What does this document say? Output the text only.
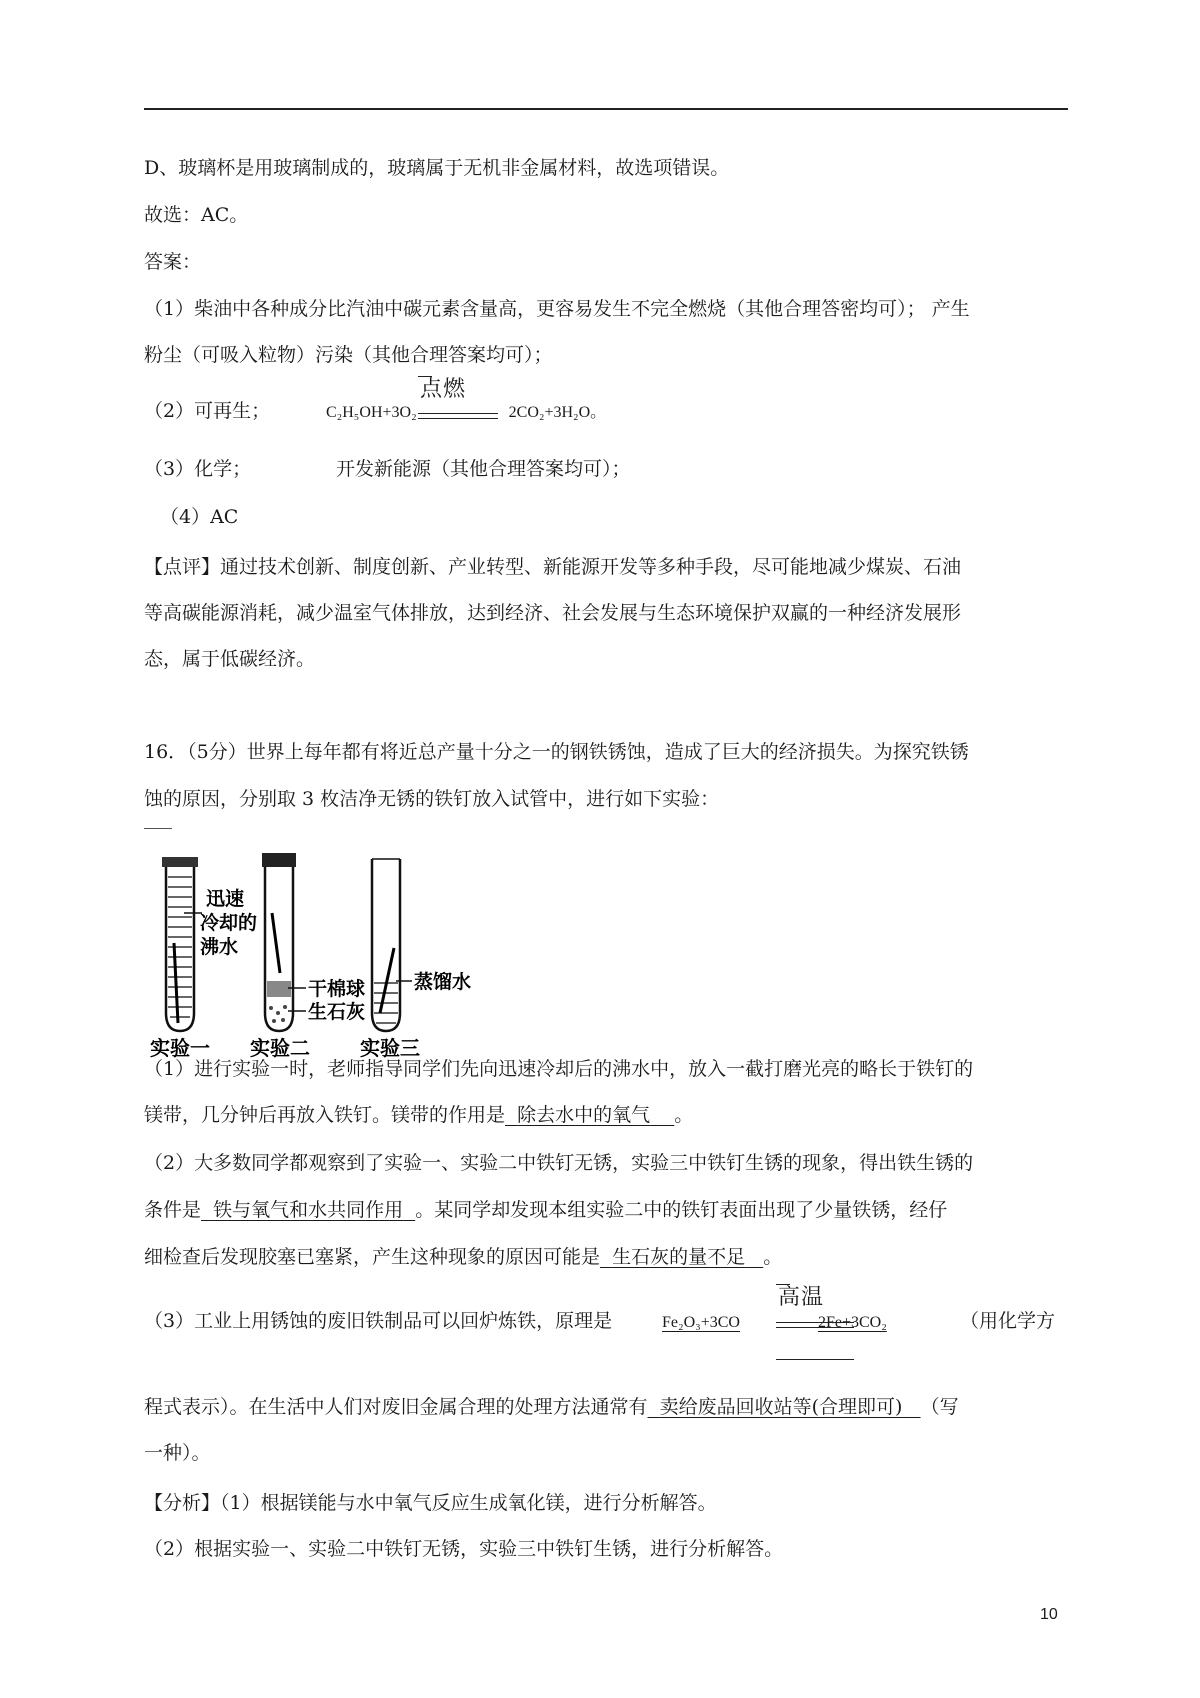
D、玻璃杯是用玻璃制成的，玻璃属于无机非金属材料，故选项错误。
故选：AC。
答案：
（1）柴油中各种成分比汽油中碳元素含量高，更容易发生不完全燃烧（其他合理答密均可）； 产生
粉尘（可吸入粒物）污染（其他合理答案均可）；
（2）可再生；	C₂H₅OH+3O₂	2CO₂+3H₂O。
点燃
（3）化学；	开发新能源（其他合理答案均可）；
（4）AC
【点评】通过技术创新、制度创新、产业转型、新能源开发等多种手段，尽可能地减少煤炭、石油
等高碳能源消耗，减少温室气体排放，达到经济、社会发展与生态环境保护双赢的一种经济发展形
态，属于低碳经济。
16．（5分）世界上每年都有将近总产量十分之一的钢铁锈蚀，造成了巨大的经济损失。为探究铁锈
蚀的原因，分别取 3 枚洁净无锈的铁钉放入试管中，进行如下实验：
迅速
冷却的
沸水
干棉球
生石灰
蒸馏水
实验一 实验二	实验三
（1）进行实验一时，老师指导同学们先向迅速冷却后的沸水中，放入一截打磨光亮的略长于铁钉的
镁带，几分钟后再放入铁钉。镁带的作用是 除去水中的氧气 。
（2）大多数同学都观察到了实验一、实验二中铁钉无锈，实验三中铁钉生锈的现象，得出铁生锈的
条件是 铁与氧气和水共同作用 。某同学却发现本组实验二中的铁钉表面出现了少量铁锈，经仔
细检查后发现胶塞已塞紧，产生这种现象的原因可能是 生石灰的量不足 。
（3）工业上用锈蚀的废旧铁制品可以回炉炼铁，原理是	Fe₂O₃+3CO	2Fe+3CO₂
高温
（用化学方
程式表示）。在生活中人们对废旧金属合理的处理方法通常有 卖给废品回收站等(合理即可) （写
一种）。
【分析】（1）根据镁能与水中氧气反应生成氧化镁，进行分析解答。
（2）根据实验一、实验二中铁钉无锈，实验三中铁钉生锈，进行分析解答。
10
